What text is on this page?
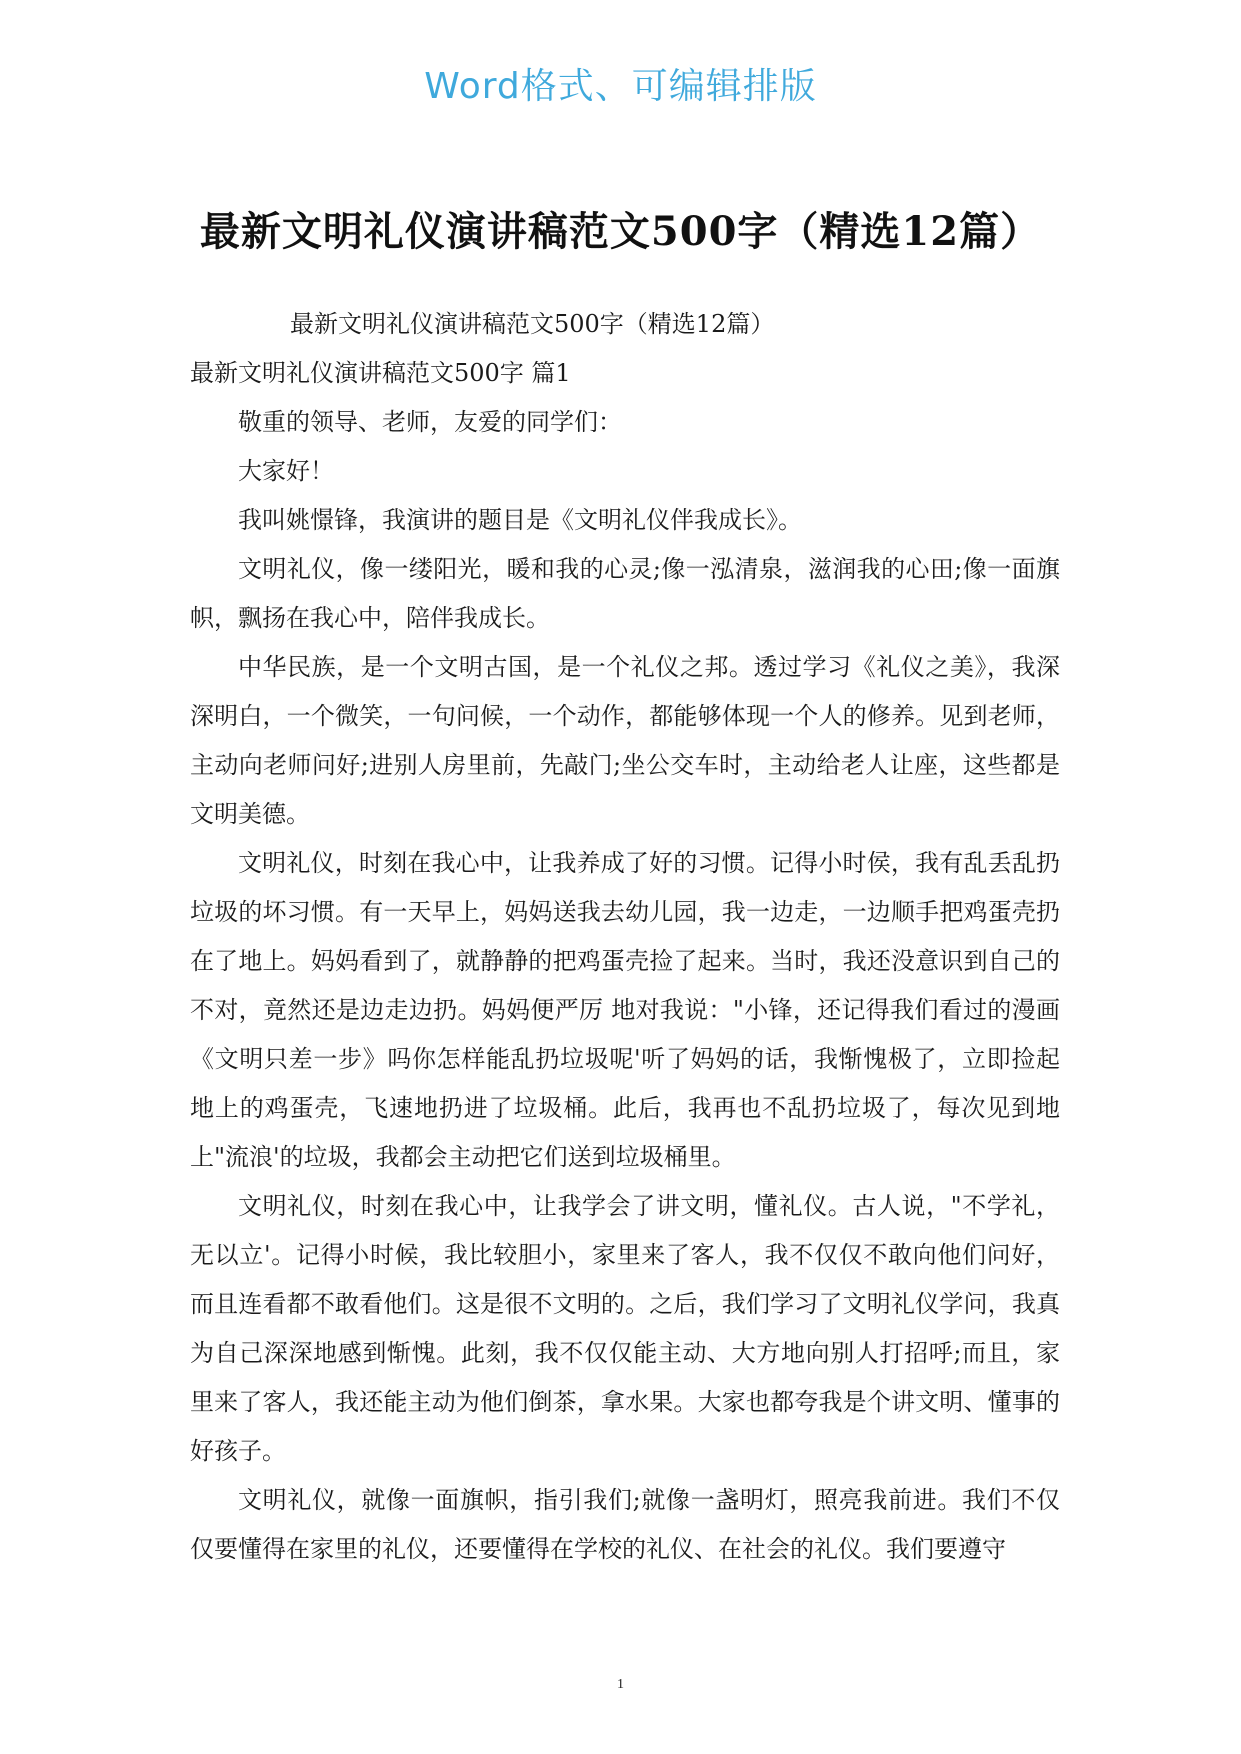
Word格式、可编辑排版
最新文明礼仪演讲稿范文500字（精选12篇）

最新文明礼仪演讲稿范文500字（精选12篇）

最新文明礼仪演讲稿范文500字 篇1

敬重的领导、老师，友爱的同学们：

大家好！

我叫姚憬锋，我演讲的题目是《文明礼仪伴我成长》。

文明礼仪，像一缕阳光，暖和我的心灵;像一泓清泉，滋润我的心田;像一面旗帜，飘扬在我心中，陪伴我成长。

中华民族，是一个文明古国，是一个礼仪之邦。透过学习《礼仪之美》，我深深明白，一个微笑，一句问候，一个动作，都能够体现一个人的修养。见到老师，主动向老师问好;进别人房里前，先敲门;坐公交车时，主动给老人让座，这些都是文明美德。

文明礼仪，时刻在我心中，让我养成了好的习惯。记得小时侯，我有乱丢乱扔垃圾的坏习惯。有一天早上，妈妈送我去幼儿园，我一边走，一边顺手把鸡蛋壳扔在了地上。妈妈看到了，就静静的把鸡蛋壳捡了起来。当时，我还没意识到自己的不对，竟然还是边走边扔。妈妈便严厉 地对我说："小锋，还记得我们看过的漫画《文明只差一步》吗你怎样能乱扔垃圾呢'听了妈妈的话，我惭愧极了，立即捡起地上的鸡蛋壳，飞速地扔进了垃圾桶。此后，我再也不乱扔垃圾了，每次见到地上"流浪'的垃圾，我都会主动把它们送到垃圾桶里。

文明礼仪，时刻在我心中，让我学会了讲文明，懂礼仪。古人说，"不学礼，无以立'。记得小时候，我比较胆小，家里来了客人，我不仅仅不敢向他们问好，而且连看都不敢看他们。这是很不文明的。之后，我们学习了文明礼仪学问，我真为自己深深地感到惭愧。此刻，我不仅仅能主动、大方地向别人打招呼;而且，家里来了客人，我还能主动为他们倒茶，拿水果。大家也都夸我是个讲文明、懂事的好孩子。

文明礼仪，就像一面旗帜，指引我们;就像一盏明灯，照亮我前进。我们不仅仅要懂得在家里的礼仪，还要懂得在学校的礼仪、在社会的礼仪。我们要遵守

1
